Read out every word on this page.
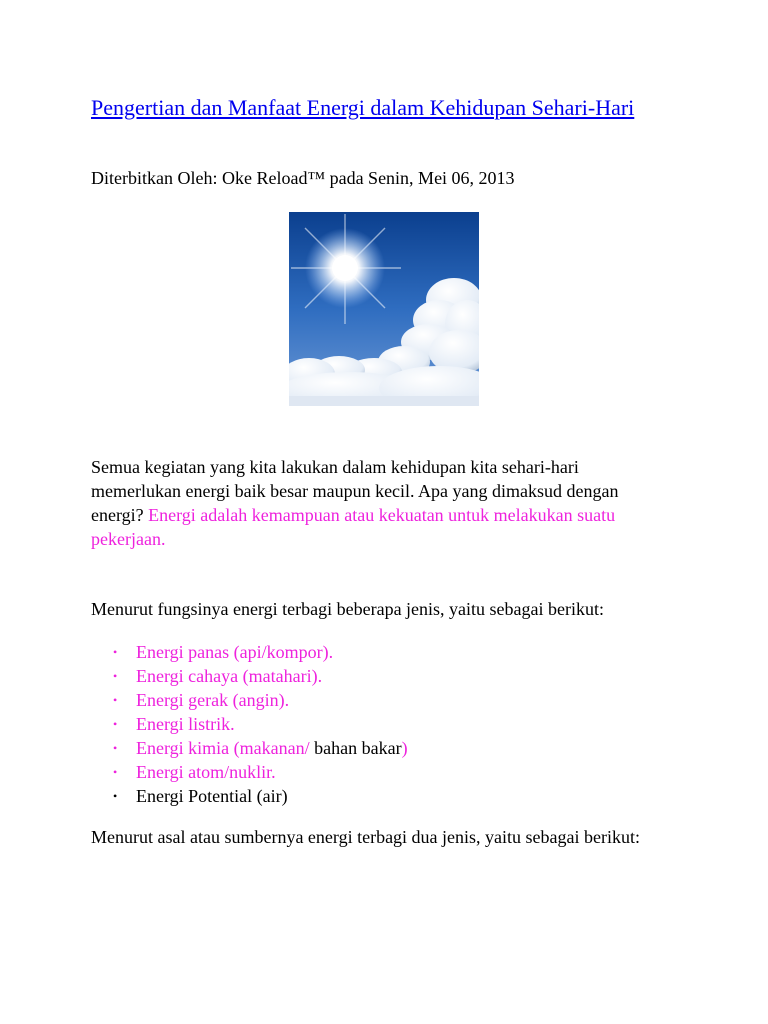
Pengertian dan Manfaat Energi dalam Kehidupan Sehari-Hari
Diterbitkan Oleh: Oke Reload™ pada Senin, Mei 06, 2013

Semua kegiatan yang kita lakukan dalam kehidupan kita sehari-hari memerlukan energi baik besar maupun kecil. Apa yang dimaksud dengan energi? Energi adalah kemampuan atau kekuatan untuk melakukan suatu pekerjaan.

Menurut fungsinya energi terbagi beberapa jenis, yaitu sebagai berikut:

• Energi panas (api/kompor).
• Energi cahaya (matahari).
• Energi gerak (angin).
• Energi listrik.
• Energi kimia (makanan/ bahan bakar)
• Energi atom/nuklir.
• Energi Potential (air)

Menurut asal atau sumbernya energi terbagi dua jenis, yaitu sebagai berikut:
